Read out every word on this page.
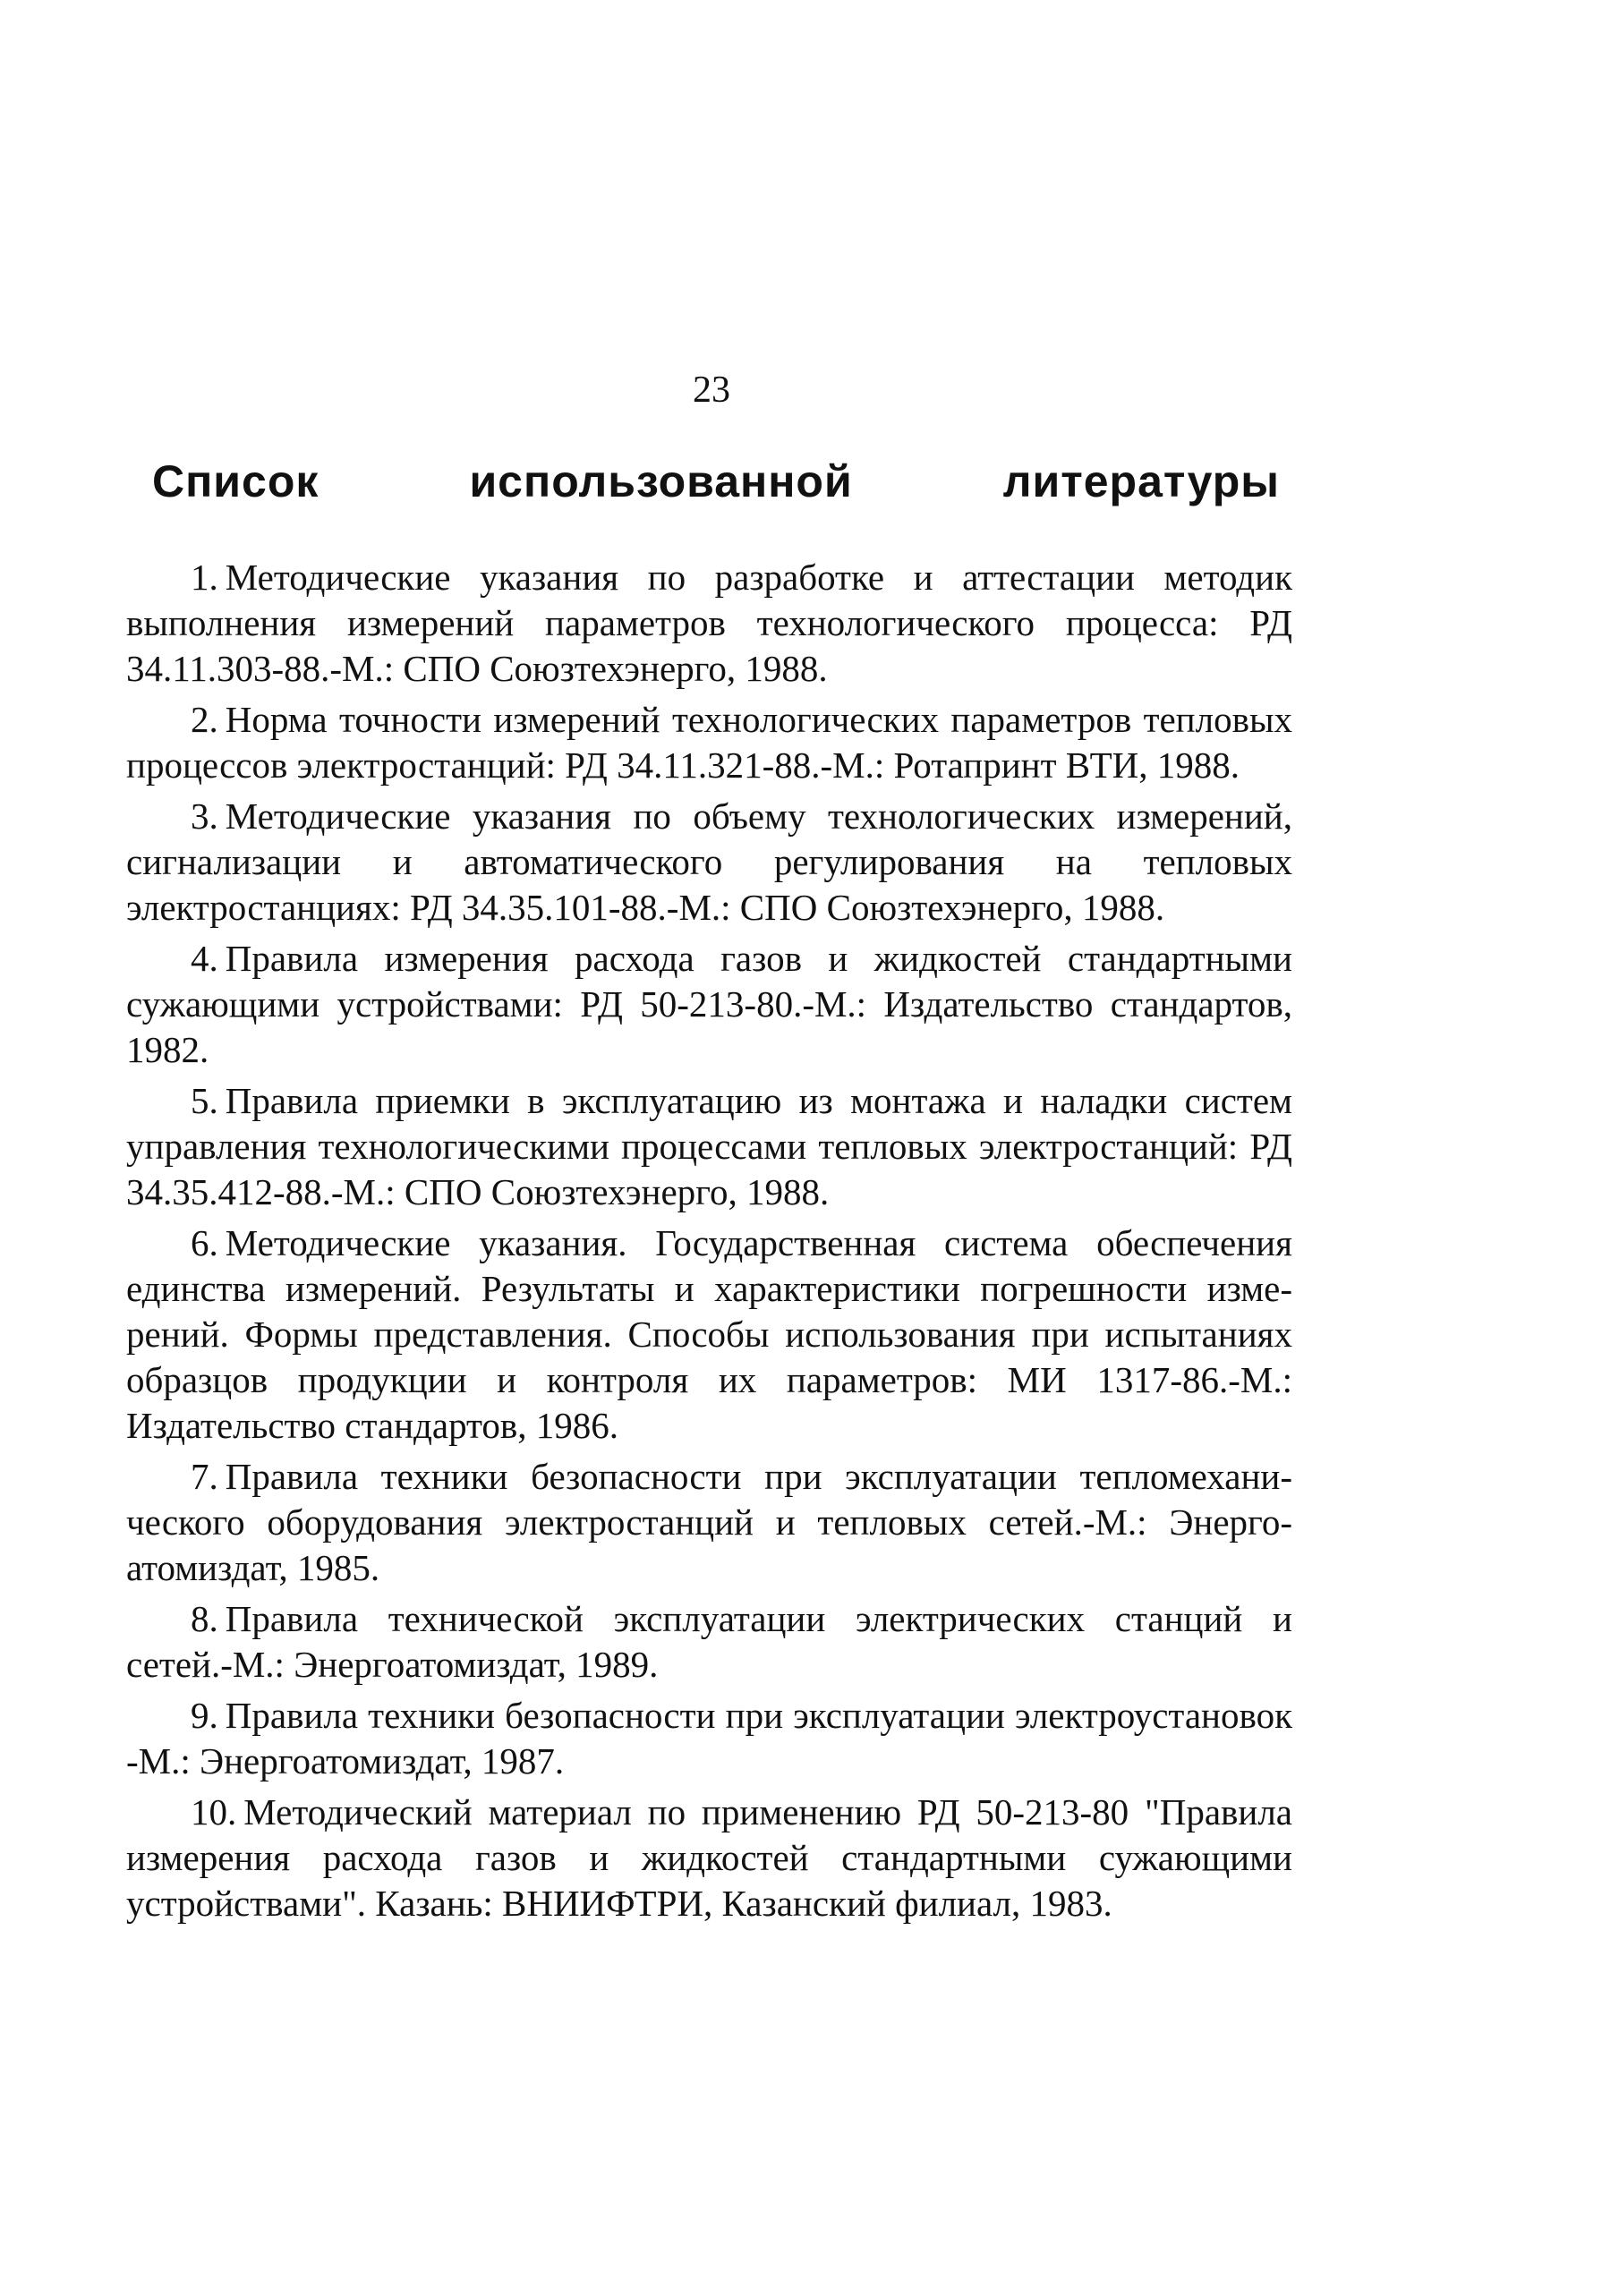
23
Список использованной литературы
1. Методические указания по разработке и аттестации методик выполнения измерений параметров технологического процесса: РД 34.11.303-88.-М.: СПО Союзтехэнерго, 1988.
2. Норма точности измерений технологических параметров тепловых процессов электростанций: РД 34.11.321-88.-М.: Ротапринт ВТИ, 1988.
3. Методические указания по объему технологических измерений, сигнализации и автоматического регулирования на тепловых электростанциях: РД 34.35.101-88.-М.: СПО Союзтехэнерго, 1988.
4. Правила измерения расхода газов и жидкостей стандартными сужающими устройствами: РД 50-213-80.-М.: Издательство стандартов, 1982.
5. Правила приемки в эксплуатацию из монтажа и наладки систем управления технологическими процессами тепловых электростанций: РД 34.35.412-88.-М.: СПО Союзтехэнерго, 1988.
6. Методические указания. Государственная система обеспечения единства измерений. Результаты и характеристики погрешности измерений. Формы представления. Способы использования при испытаниях образцов продукции и контроля их параметров: МИ 1317-86.-М.: Издательство стандартов, 1986.
7. Правила техники безопасности при эксплуатации тепломеханического оборудования электростанций и тепловых сетей.-М.: Энергоатомиздат, 1985.
8. Правила технической эксплуатации электрических станций и сетей.-М.: Энергоатомиздат, 1989.
9. Правила техники безопасности при эксплуатации электроустановок -М.: Энергоатомиздат, 1987.
10. Методический материал по применению РД 50-213-80 "Правила измерения расхода газов и жидкостей стандартными сужающими устройствами". Казань: ВНИИФТРИ, Казанский филиал, 1983.
